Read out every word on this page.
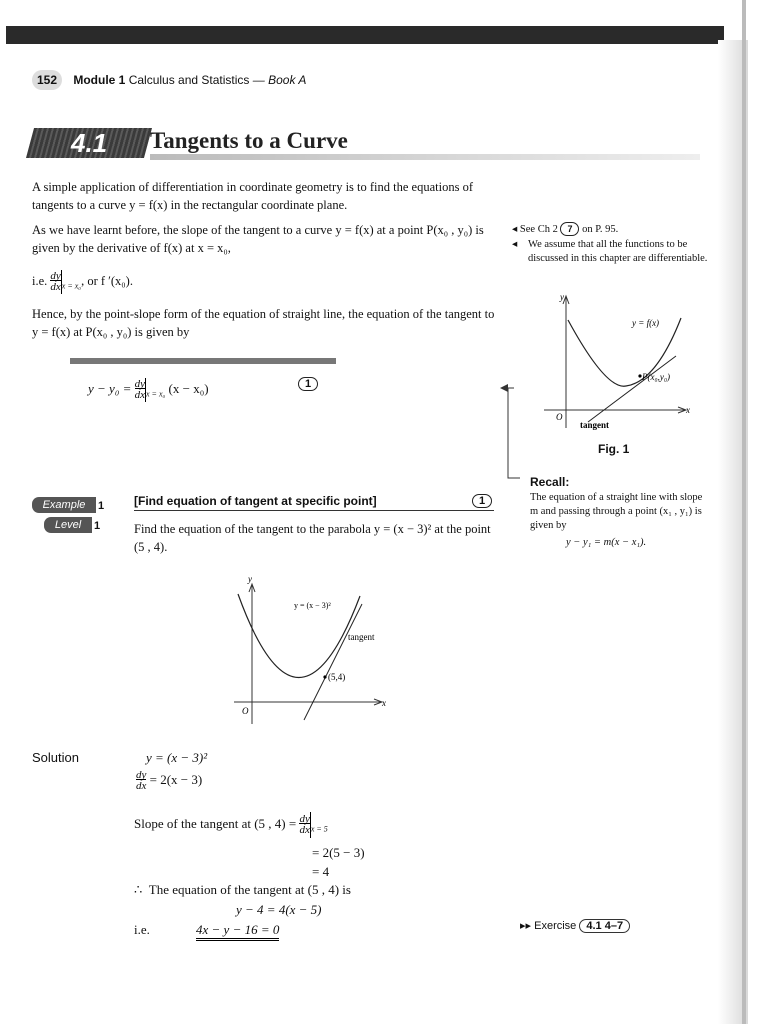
152 Module 1 Calculus and Statistics — Book A
4.1	Tangents to a Curve
A simple application of differentiation in coordinate geometry is to find the equations of tangents to a curve y = f(x) in the rectangular coordinate plane.
As we have learnt before, the slope of the tangent to a curve y = f(x) at a point P(x₀ , y₀) is given by the derivative of f(x) at x = x₀,
i.e. $\frac{dy}{dx}_{x = x_0}$, or f ′(x₀).
Hence, by the point-slope form of the equation of straight line, the equation of the tangent to y = f(x) at P(x₀ , y₀) is given by
$y - y_0 = \frac{dy}{dx}_{x = x_0}$ (x − x₀)	1
◂ See Ch 2 7 on P. 95.
◂ We assume that all the functions to be discussed in this chapter are differentiable.
y
x
O
y = f(x)
P(x₀,y₀)
tangent
Fig. 1
Recall:
The equation of a straight line with slope m and passing through a point (x₁ , y₁) is given by
y − y₁ = m(x − x₁).
Example 1
Level 1
[Find equation of tangent at specific point]	1
Find the equation of the tangent to the parabola y = (x − 3)² at the point (5 , 4).
y
x
O
y = (x − 3)²
tangent
(5,4)
Solution	y = (x − 3)²
$\frac{dy}{dx} = 2(x - 3)$
Slope of the tangent at (5 , $4) = \frac{dy}{dx}_{x = 5}$
= 2(5 − 3)
= 4
∴ The equation of the tangent at (5 , 4) is
y − 4 = 4(x − 5)
i.e.	4x − y − 16 = 0	▸▸ Exercise 4.1 4–7
